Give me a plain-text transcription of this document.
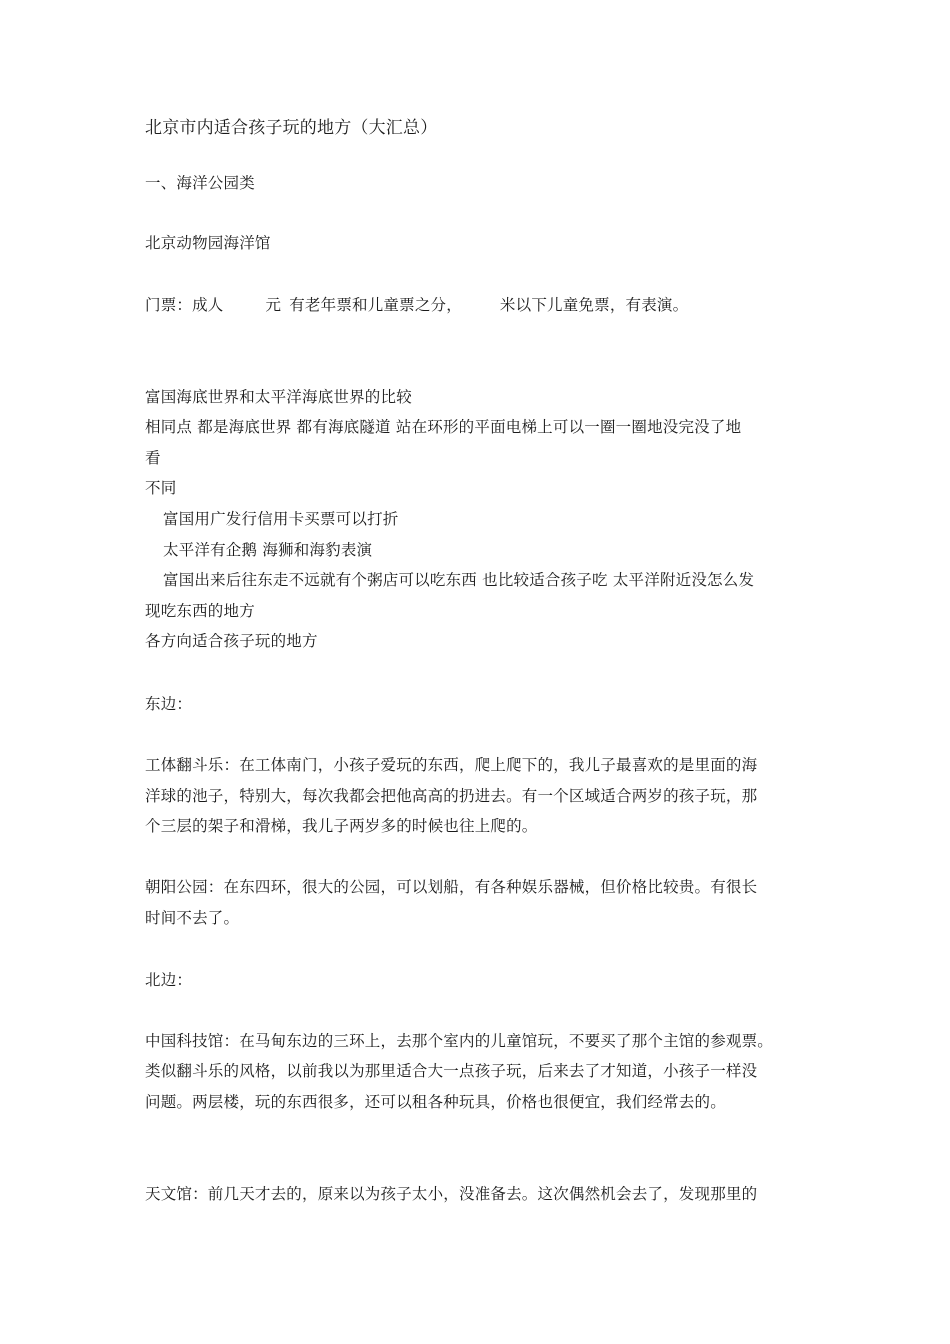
北京市内适合孩子玩的地方（大汇总）
一、海洋公园类
北京动物园海洋馆
门票：成人	元 有老年票和儿童票之分， 米以下儿童免票，有表演。
富国海底世界和太平洋海底世界的比较
相同点 都是海底世界 都有海底隧道 站在环形的平面电梯上可以一圈一圈地没完没了地
看
不同
富国用广发行信用卡买票可以打折
太平洋有企鹅 海狮和海豹表演
富国出来后往东走不远就有个粥店可以吃东西 也比较适合孩子吃 太平洋附近没怎么发
现吃东西的地方
各方向适合孩子玩的地方
东边：
工体翻斗乐：在工体南门，小孩子爱玩的东西，爬上爬下的，我儿子最喜欢的是里面的海
洋球的池子，特别大，每次我都会把他高高的扔进去。有一个区域适合两岁的孩子玩，那
个三层的架子和滑梯，我儿子两岁多的时候也往上爬的。
朝阳公园：在东四环，很大的公园，可以划船，有各种娱乐器械，但价格比较贵。有很长
时间不去了。
北边：
中国科技馆：在马甸东边的三环上，去那个室内的儿童馆玩，不要买了那个主馆的参观票。
类似翻斗乐的风格，以前我以为那里适合大一点孩子玩，后来去了才知道，小孩子一样没
问题。两层楼，玩的东西很多，还可以租各种玩具，价格也很便宜，我们经常去的。
天文馆：前几天才去的，原来以为孩子太小，没准备去。这次偶然机会去了，发现那里的
